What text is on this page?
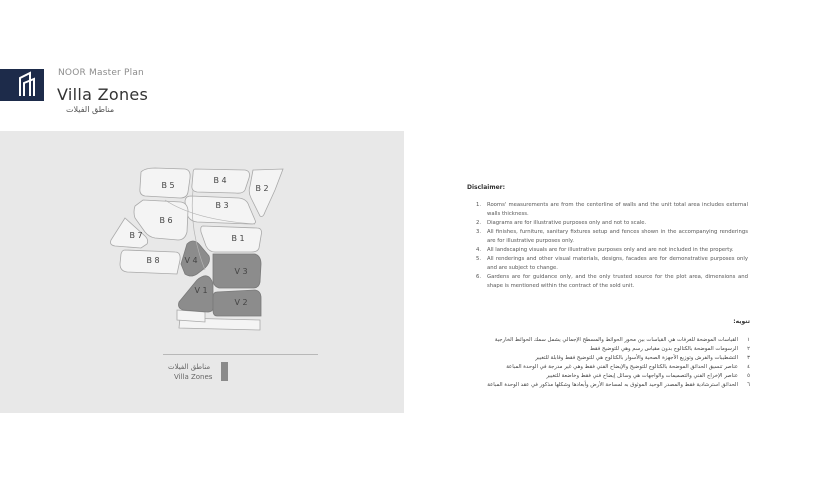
NOOR Master Plan
Villa Zones
مناطق الفيلات
B 5
B 4
B 2
B 3
B 6
B 7	B 1
B 8	V 4
V 3
V 1
V 2
مناطق الفيلات
Villa Zones
Disclaimer:
1. Rooms' measurements are from the centerline of walls and the unit total area includes external walls thickness.
2. Diagrams are for illustrative purposes only and not to scale.
3. All finishes, furniture, sanitary fixtures setup and fences shown in the accompanying renderings are for illustrative purposes only.
4. All landscaping visuals are for illustrative purposes only and are not included in the property.
5. All renderings and other visual materials, designs, facades are for demonstrative purposes only and are subject to change.
6. Gardens are for guidance only, and the only trusted source for the plot area, dimensions and shape is mentioned within the contract of the sold unit.
تنويه:
١
القياسات الموضحة للغرفات هي القياسات بين محور الحوائط والمسطح الإجمالي يشمل سمك الحوائط الخارجية
٢
الرسومات الموضحة بالكتالوج بدون مقياس رسم وهي للتوضيح فقط
٣
التشطيبات والفرش وتوزيع الأجهزة الصحية والأسوار بالكتالوج هي للتوضيح فقط وقابلة للتغيير
٤
عناصر تنسيق الحدائق الموضحة بالكتالوج للتوضيح والإيضاح الفني فقط وهي غير مدرجة في الوحدة المباعة
٥
عناصر الإخراج الفني والتصميمات والواجهات هي وسائل إيضاح فني فقط وخاضعة للتغيير
٦
الحدائق استرشادية فقط والمصدر الوحيد الموثوق به لمساحة الأرض وأبعادها وشكلها مذكور في عقد الوحدة المباعة
